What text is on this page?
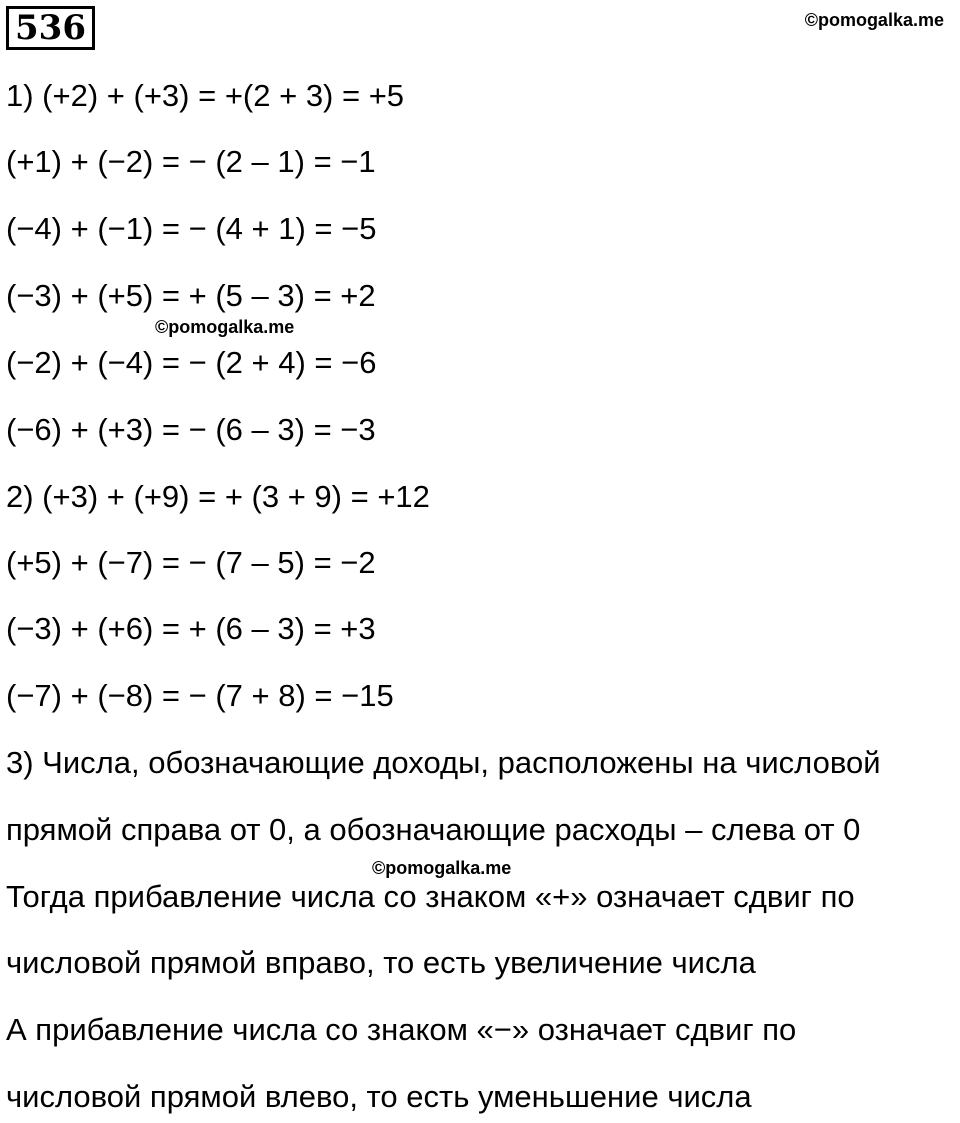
536	©pomogalka.me
1) (+2) + (+3) = +(2 + 3) = +5
(+1) + (−2) = − (2 – 1) = −1
(−4) + (−1) = − (4 + 1) = −5
(−3) + (+5) = + (5 – 3) = +2
©pomogalka.me
(−2) + (−4) = − (2 + 4) = −6
(−6) + (+3) = − (6 – 3) = −3
2) (+3) + (+9) = + (3 + 9) = +12
(+5) + (−7) = − (7 – 5) = −2
(−3) + (+6) = + (6 – 3) = +3
(−7) + (−8) = − (7 + 8) = −15
3) Числа, обозначающие доходы, расположены на числовой
прямой справа от 0, а обозначающие расходы – слева от 0
©pomogalka.me
Тогда прибавление числа со знаком «+» означает сдвиг по
числовой прямой вправо, то есть увеличение числа
А прибавление числа со знаком «−» означает сдвиг по
числовой прямой влево, то есть уменьшение числа
